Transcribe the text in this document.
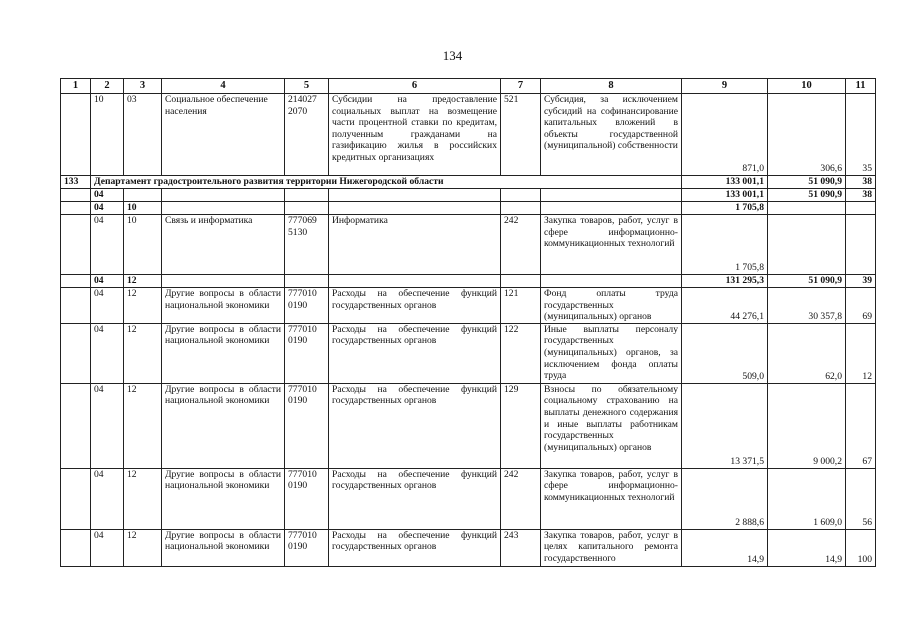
134
1	2	3	4	5	6	7	8	9	10	11
	10	03	Социальное обеспечение населения	214027 2070	Субсидии на предоставление социальных выплат на возмещение части процентной ставки по кредитам, полученным гражданами на газификацию жилья в российских кредитных организациях	521	Субсидия, за исключением субсидий на софинансирование капитальных вложений в объекты государственной (муниципальной) собственности	871,0	306,6	35
133	Департамент градостроительного развития территории Нижегородской области							133 001,1	51 090,9	38
	04							133 001,1	51 090,9	38
	04	10						1 705,8		
	04	10	Связь и информатика	777069 5130	Информатика	242	Закупка товаров, работ, услуг в сфере информационно-коммуникационных технологий	1 705,8		
	04	12						131 295,3	51 090,9	39
	04	12	Другие вопросы в области национальной экономики	777010 0190	Расходы на обеспечение функций государственных органов	121	Фонд оплаты труда государственных (муниципальных) органов	44 276,1	30 357,8	69
	04	12	Другие вопросы в области национальной экономики	777010 0190	Расходы на обеспечение функций государственных органов	122	Иные выплаты персоналу государственных (муниципальных) органов, за исключением фонда оплаты труда	509,0	62,0	12
	04	12	Другие вопросы в области национальной экономики	777010 0190	Расходы на обеспечение функций государственных органов	129	Взносы по обязательному социальному страхованию на выплаты денежного содержания и иные выплаты работникам государственных (муниципальных) органов	13 371,5	9 000,2	67
	04	12	Другие вопросы в области национальной экономики	777010 0190	Расходы на обеспечение функций государственных органов	242	Закупка товаров, работ, услуг в сфере информационно-коммуникационных технологий	2 888,6	1 609,0	56
	04	12	Другие вопросы в области национальной экономики	777010 0190	Расходы на обеспечение функций государственных органов	243	Закупка товаров, работ, услуг в целях капитального ремонта государственного	14,9	14,9	100
